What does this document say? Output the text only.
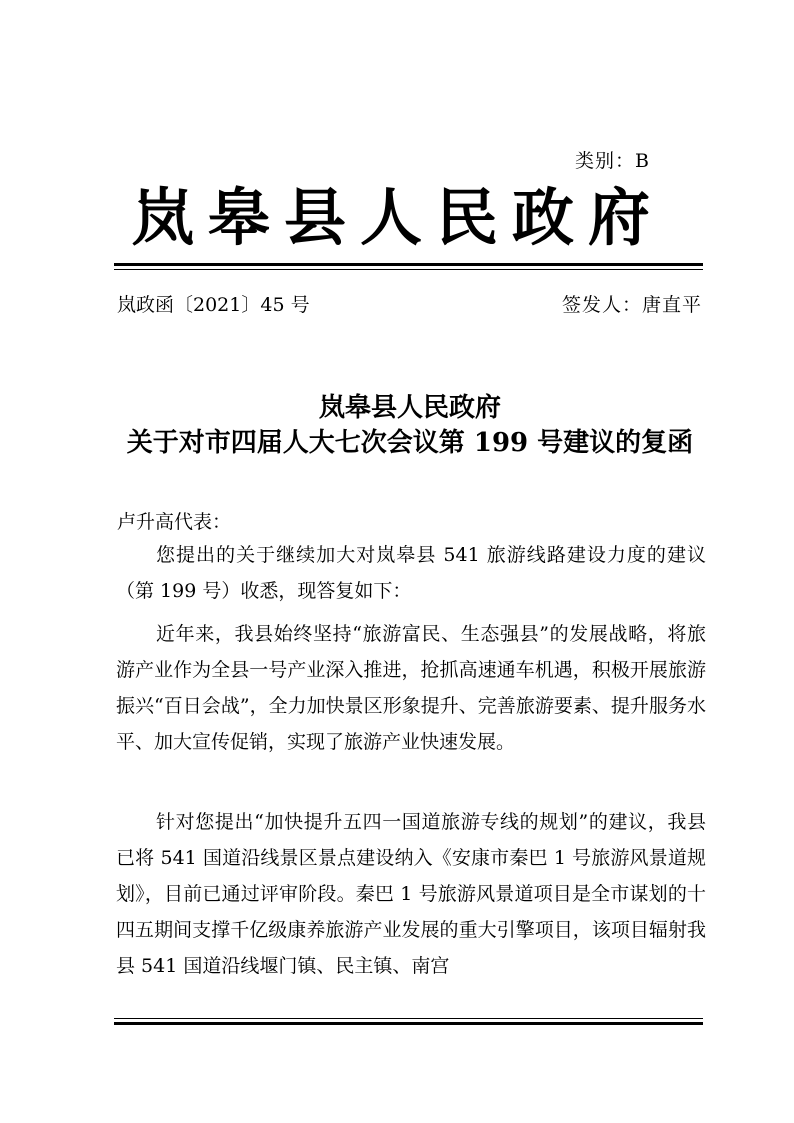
类别：B
岚皋县人民政府
岚政函〔2021〕45 号	签发人：唐直平
岚皋县人民政府
关于对市四届人大七次会议第 199 号建议的复函
卢升高代表：
您提出的关于继续加大对岚皋县 541 旅游线路建设力度的建议（第 199 号）收悉，现答复如下：
近年来，我县始终坚持“旅游富民、生态强县”的发展战略，将旅游产业作为全县一号产业深入推进，抢抓高速通车机遇，积极开展旅游振兴“百日会战”，全力加快景区形象提升、完善旅游要素、提升服务水平、加大宣传促销，实现了旅游产业快速发展。
针对您提出“加快提升五四一国道旅游专线的规划”的建议，我县已将 541 国道沿线景区景点建设纳入《安康市秦巴 1 号旅游风景道规划》，目前已通过评审阶段。秦巴 1 号旅游风景道项目是全市谋划的十四五期间支撑千亿级康养旅游产业发展的重大引擎项目，该项目辐射我县 541 国道沿线堰门镇、民主镇、南宫
